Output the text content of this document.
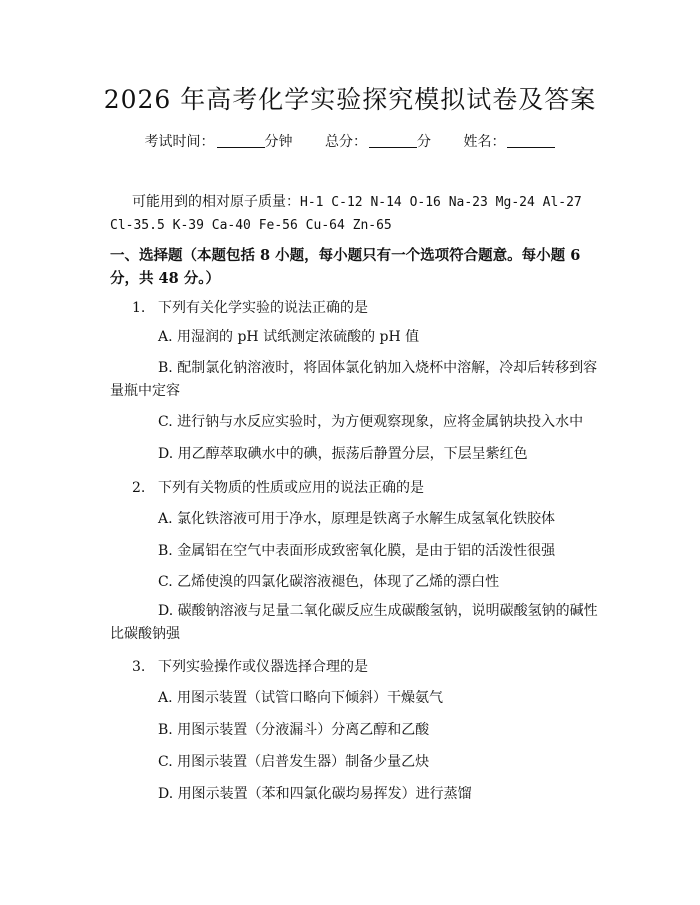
2026 年高考化学实验探究模拟试卷及答案
考试时间：	分钟 总分：	分 姓名：
可能用到的相对原子质量：H-1 C-12 N-14 O-16 Na-23 Mg-24 Al-27 Cl-35.5 K-39 Ca-40 Fe-56 Cu-64 Zn-65
一、选择题（本题包括 8 小题，每小题只有一个选项符合题意。每小题 6 分，共 48 分。）
1. 下列有关化学实验的说法正确的是
A. 用湿润的 pH 试纸测定浓硫酸的 pH 值
B. 配制氯化钠溶液时，将固体氯化钠加入烧杯中溶解，冷却后转移到容量瓶中定容
C. 进行钠与水反应实验时，为方便观察现象，应将金属钠块投入水中
D. 用乙醇萃取碘水中的碘，振荡后静置分层，下层呈紫红色
2. 下列有关物质的性质或应用的说法正确的是
A. 氯化铁溶液可用于净水，原理是铁离子水解生成氢氧化铁胶体
B. 金属铝在空气中表面形成致密氧化膜，是由于铝的活泼性很强
C. 乙烯使溴的四氯化碳溶液褪色，体现了乙烯的漂白性
D. 碳酸钠溶液与足量二氧化碳反应生成碳酸氢钠，说明碳酸氢钠的碱性比碳酸钠强
3. 下列实验操作或仪器选择合理的是
A. 用图示装置（试管口略向下倾斜）干燥氨气
B. 用图示装置（分液漏斗）分离乙醇和乙酸
C. 用图示装置（启普发生器）制备少量乙炔
D. 用图示装置（苯和四氯化碳均易挥发）进行蒸馏
